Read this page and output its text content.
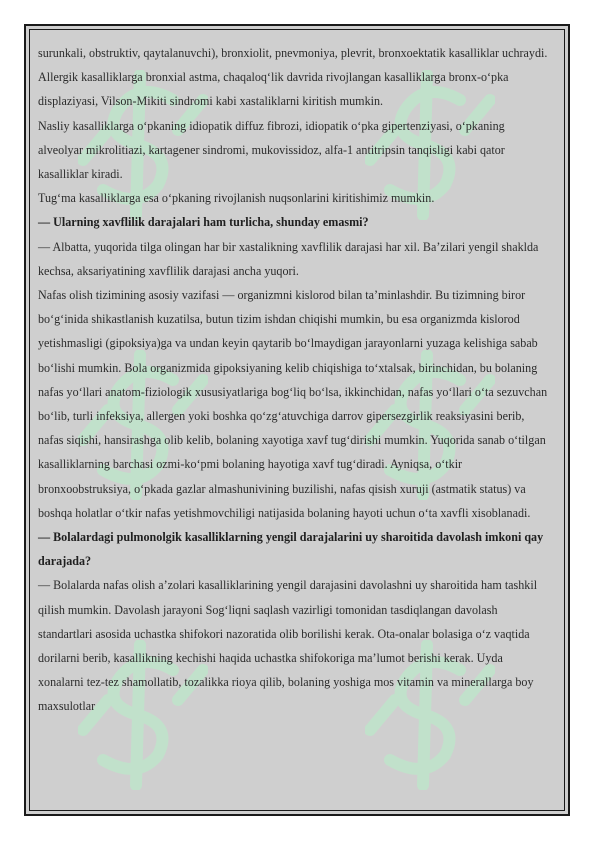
surunkali, obstruktiv, qaytalanuvchi), bronxiolit, pnevmoniya, plevrit, bronxoektatik kasalliklar uchraydi.

Allergik kasalliklarga bronxial astma, chaqaloq‘lik davrida rivojlangan kasalliklarga bronx-o‘pka displaziyasi, Vilson-Mikiti sindromi kabi xastaliklarni kiritish mumkin.

Nasliy kasalliklarga o‘pkaning idiopatik diffuz fibrozi, idiopatik o‘pka gipertenziyasi, o‘pkaning alveolyar mikrolitiazi, kartagener sindromi, mukovissidoz, alfa-1 antitripsin tanqisligi kabi qator kasalliklar kiradi.

Tug‘ma kasalliklarga esa o‘pkaning rivojlanish nuqsonlarini kiritishimiz mumkin.

— Ularning xavflilik darajalari ham turlicha, shunday emasmi?

— Albatta, yuqorida tilga olingan har bir xastalikning xavflilik darajasi har xil. Ba’zilari yengil shaklda kechsa, aksariyatining xavflilik darajasi ancha yuqori.

Nafas olish tizimining asosiy vazifasi — organizmni kislorod bilan ta’minlashdir. Bu tizimning biror bo‘g‘inida shikastlanish kuzatilsa, butun tizim ishdan chiqishi mumkin, bu esa organizmda kislorod yetishmasligi (gipoksiya)ga va undan keyin qaytarib bo‘lmaydigan jarayonlarni yuzaga kelishiga sabab bo‘lishi mumkin. Bola organizmida gipoksiyaning kelib chiqishiga to‘xtalsak, birinchidan, bu bolaning nafas yo‘llari anatom-fiziologik xususiyatlariga bog‘liq bo‘lsa, ikkinchidan, nafas yo‘llari o‘ta sezuvchan bo‘lib, turli infeksiya, allergen yoki boshka qo‘zg‘atuvchiga darrov gipersezgirlik reaksiyasini berib, nafas siqishi, hansirashga olib kelib, bolaning xayotiga xavf tug‘dirishi mumkin. Yuqorida sanab o‘tilgan kasalliklarning barchasi ozmi-ko‘pmi bolaning hayotiga xavf tug‘diradi. Ayniqsa, o‘tkir bronxoobstruksiya, o‘pkada gazlar almashunivining buzilishi, nafas qisish xuruji (astmatik status) va boshqa holatlar o‘tkir nafas yetishmovchiligi natijasida bolaning hayoti uchun o‘ta xavfli xisoblanadi.

— Bolalardagi pulmonolgik kasalliklarning yengil darajalarini uy sharoitida davolash imkoni qay darajada?

— Bolalarda nafas olish a’zolari kasalliklarining yengil darajasini davolashni uy sharoitida ham tashkil qilish mumkin. Davolash jarayoni Sog‘liqni saqlash vazirligi tomonidan tasdiqlangan davolash standartlari asosida uchastka shifokori nazoratida olib borilishi kerak. Ota-onalar bolasiga o‘z vaqtida dorilarni berib, kasallikning kechishi haqida uchastka shifokoriga ma’lumot berishi kerak. Uyda xonalarni tez-tez shamollatib, tozalikka rioya qilib, bolaning yoshiga mos vitamin va minerallarga boy maxsulotlar
